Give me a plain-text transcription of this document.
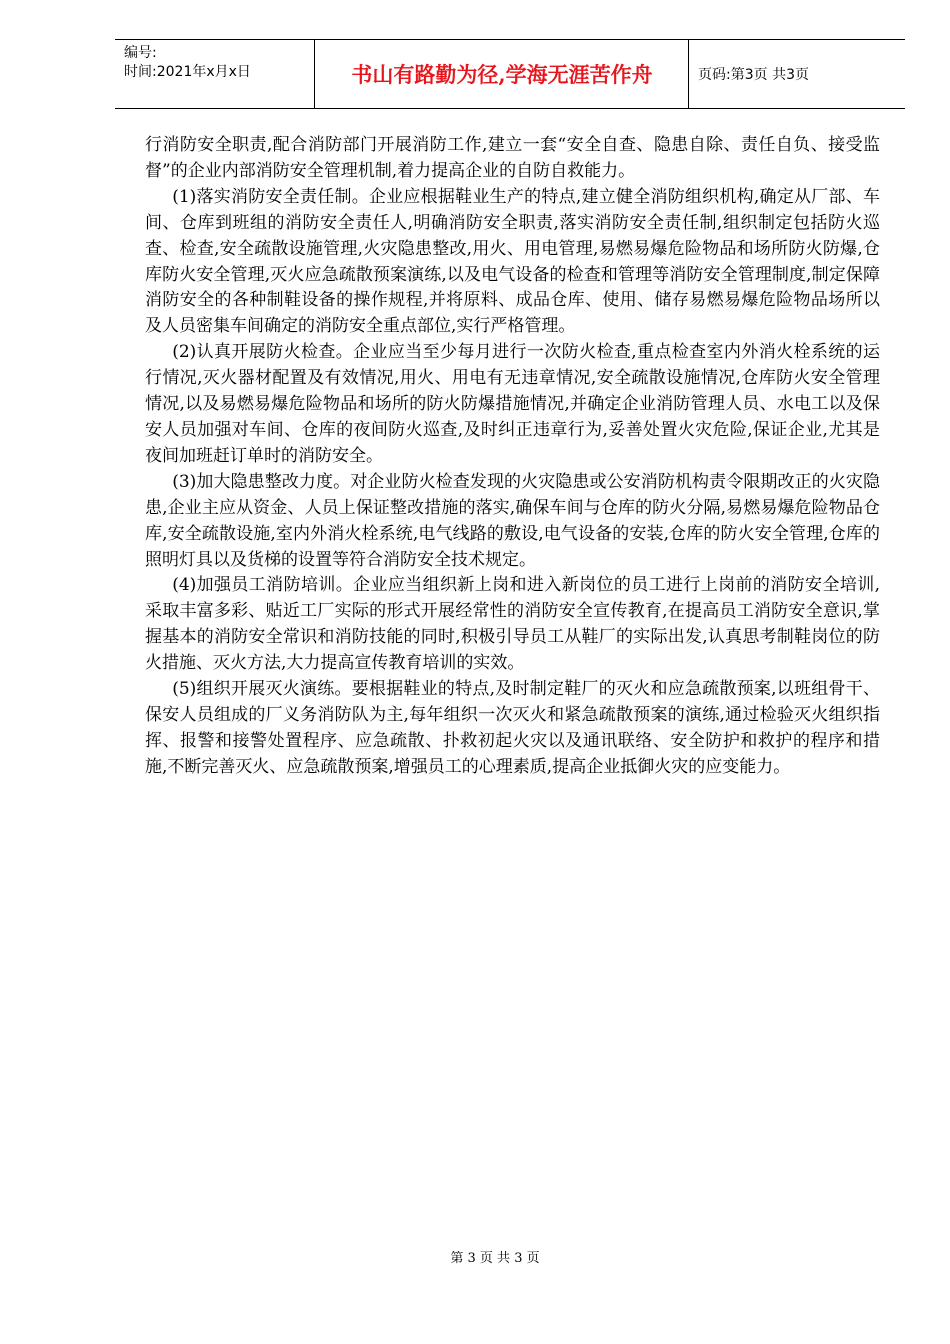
编号:
时间:2021年x月x日	书山有路勤为径,学海无涯苦作舟	页码:第3页 共3页

行消防安全职责,配合消防部门开展消防工作,建立一套“安全自查、隐患自除、责任自负、接受监督”的企业内部消防安全管理机制,着力提高企业的自防自救能力。

(1)落实消防安全责任制。企业应根据鞋业生产的特点,建立健全消防组织机构,确定从厂部、车间、仓库到班组的消防安全责任人,明确消防安全职责,落实消防安全责任制,组织制定包括防火巡查、检查,安全疏散设施管理,火灾隐患整改,用火、用电管理,易燃易爆危险物品和场所防火防爆,仓库防火安全管理,灭火应急疏散预案演练,以及电气设备的检查和管理等消防安全管理制度,制定保障消防安全的各种制鞋设备的操作规程,并将原料、成品仓库、使用、储存易燃易爆危险物品场所以及人员密集车间确定的消防安全重点部位,实行严格管理。

(2)认真开展防火检查。企业应当至少每月进行一次防火检查,重点检查室内外消火栓系统的运行情况,灭火器材配置及有效情况,用火、用电有无违章情况,安全疏散设施情况,仓库防火安全管理情况,以及易燃易爆危险物品和场所的防火防爆措施情况,并确定企业消防管理人员、水电工以及保安人员加强对车间、仓库的夜间防火巡查,及时纠正违章行为,妥善处置火灾危险,保证企业,尤其是夜间加班赶订单时的消防安全。

(3)加大隐患整改力度。对企业防火检查发现的火灾隐患或公安消防机构责令限期改正的火灾隐患,企业主应从资金、人员上保证整改措施的落实,确保车间与仓库的防火分隔,易燃易爆危险物品仓库,安全疏散设施,室内外消火栓系统,电气线路的敷设,电气设备的安装,仓库的防火安全管理,仓库的照明灯具以及货梯的设置等符合消防安全技术规定。

(4)加强员工消防培训。企业应当组织新上岗和进入新岗位的员工进行上岗前的消防安全培训,采取丰富多彩、贴近工厂实际的形式开展经常性的消防安全宣传教育,在提高员工消防安全意识,掌握基本的消防安全常识和消防技能的同时,积极引导员工从鞋厂的实际出发,认真思考制鞋岗位的防火措施、灭火方法,大力提高宣传教育培训的实效。

(5)组织开展灭火演练。要根据鞋业的特点,及时制定鞋厂的灭火和应急疏散预案,以班组骨干、保安人员组成的厂义务消防队为主,每年组织一次灭火和紧急疏散预案的演练,通过检验灭火组织指挥、报警和接警处置程序、应急疏散、扑救初起火灾以及通讯联络、安全防护和救护的程序和措施,不断完善灭火、应急疏散预案,增强员工的心理素质,提高企业抵御火灾的应变能力。

第 3 页 共 3 页
